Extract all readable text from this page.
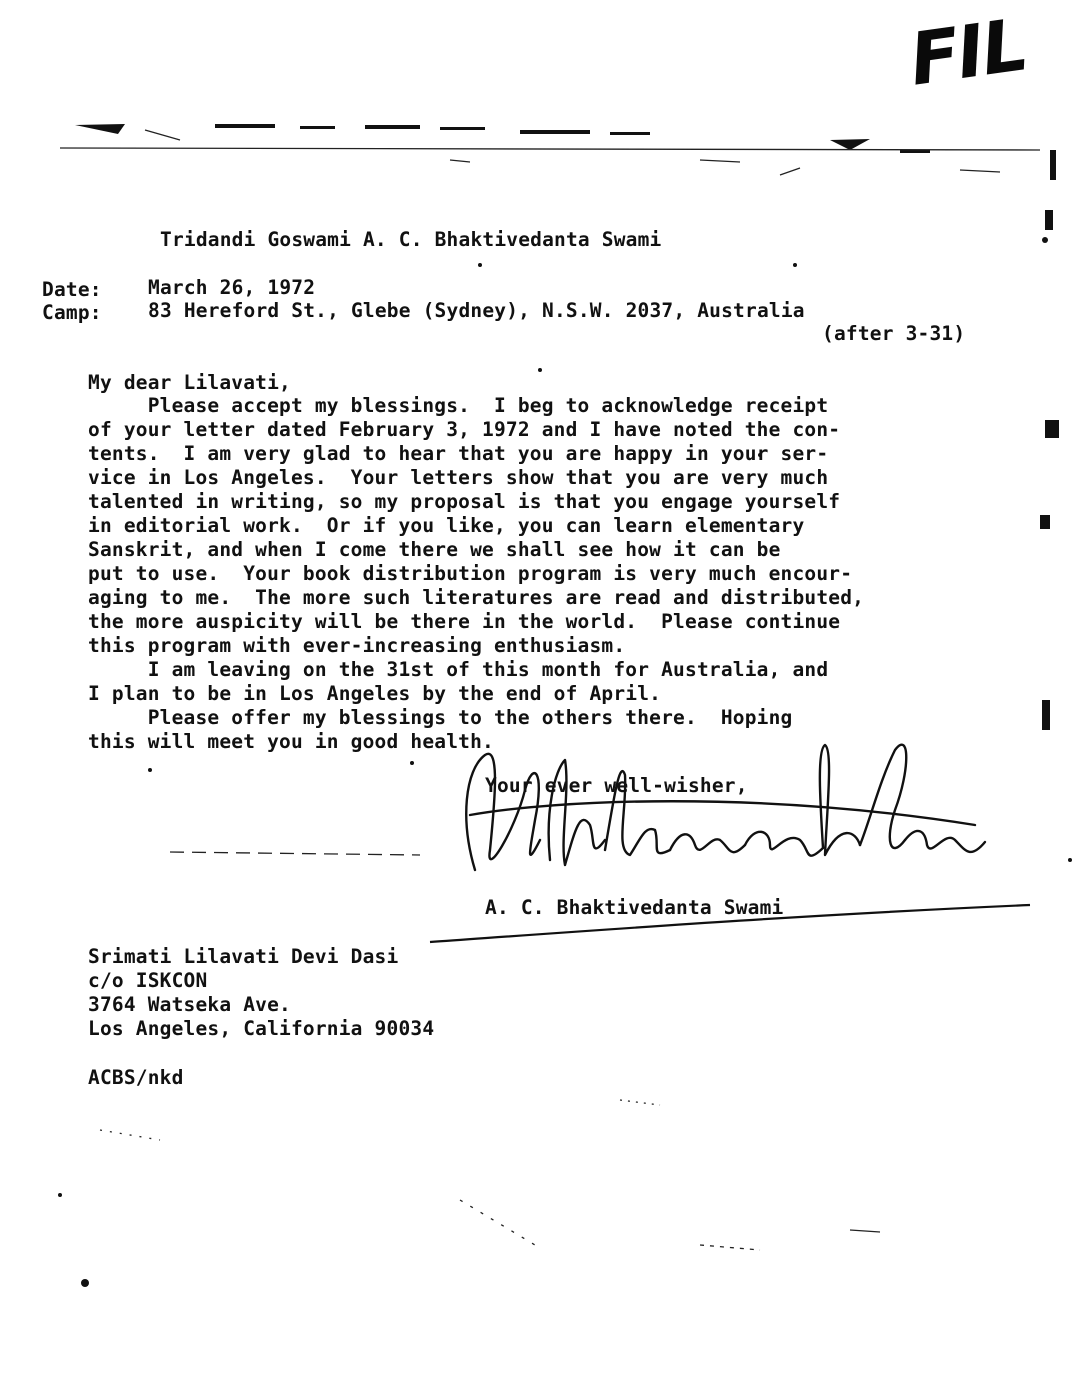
FIL
Tridandi Goswami A. C. Bhaktivedanta Swami
Date: March 26, 1972
Camp: 83 Hereford St., Glebe (Sydney), N.S.W. 2037, Australia
(after 3-31)
My dear Lilavati,
Please accept my blessings.  I beg to acknowledge receipt
of your letter dated February 3, 1972 and I have noted the con-
tents.  I am very glad to hear that you are happy in your ser-
vice in Los Angeles.  Your letters show that you are very much
talented in writing, so my proposal is that you engage yourself
in editorial work.  Or if you like, you can learn elementary
Sanskrit, and when I come there we shall see how it can be
put to use.  Your book distribution program is very much encour-
aging to me.  The more such literatures are read and distributed,
the more auspicity will be there in the world.  Please continue
this program with ever-increasing enthusiasm.
I am leaving on the 31st of this month for Australia, and
I plan to be in Los Angeles by the end of April.
Please offer my blessings to the others there.  Hoping
this will meet you in good health.
Your ever well-wisher,
A. C. Bhaktivedanta Swami
Srimati Lilavati Devi Dasi
c/o ISKCON
3764 Watseka Ave.
Los Angeles, California 90034
ACBS/nkd
